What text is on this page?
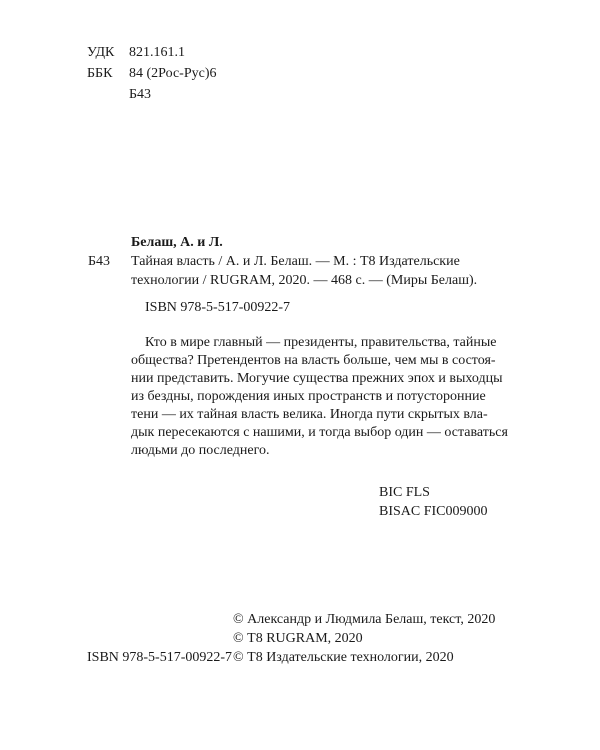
УДК 821.161.1
ББК 84 (2Рос-Рус)6
Б43
Белаш, А. и Л.
Б43 Тайная власть / А. и Л. Белаш. — М. : Т8 Издательские
технологии / RUGRAM, 2020. — 468 с. — (Миры Белаш).
ISBN 978-5-517-00922-7
Кто в мире главный — президенты, правительства, тайные
общества? Претендентов на власть больше, чем мы в состоя-
нии представить. Могучие существа прежних эпох и выходцы
из бездны, порождения иных пространств и потусторонние
тени — их тайная власть велика. Иногда пути скрытых вла-
дык пересекаются с нашими, и тогда выбор один — оставаться
людьми до последнего.
BIC FLS
BISAC FIC009000
© Александр и Людмила Белаш, текст, 2020
© Т8 RUGRAM, 2020
ISBN 978-5-517-00922-7 © Т8 Издательские технологии, 2020
